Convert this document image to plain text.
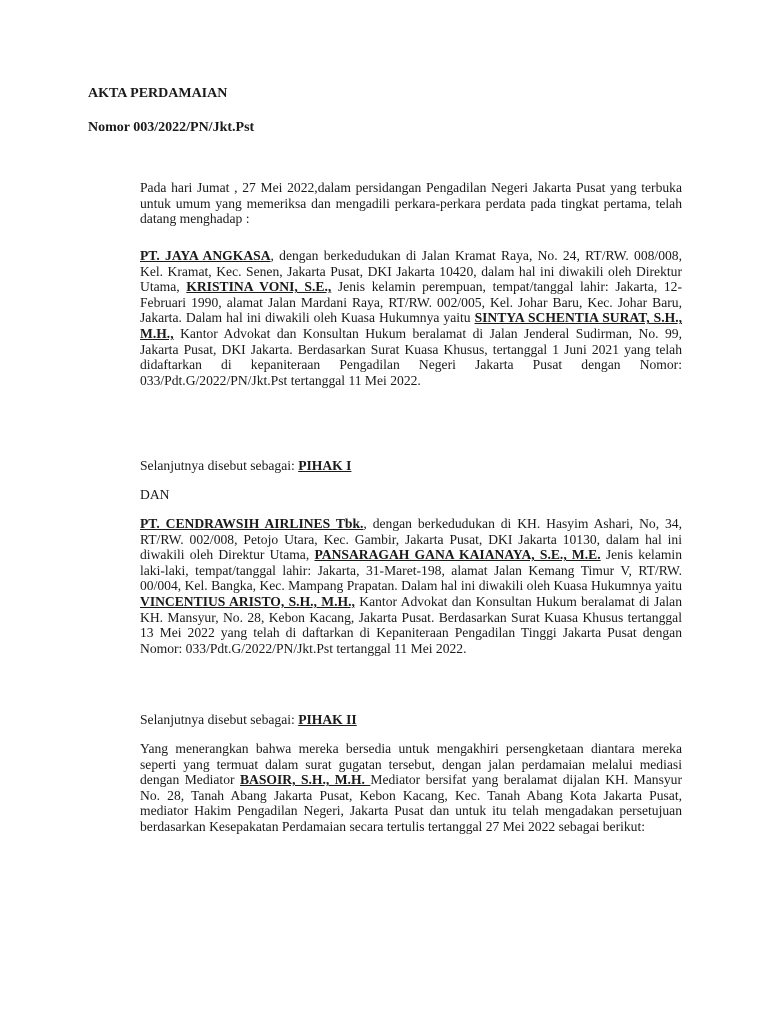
AKTA PERDAMAIAN
Nomor 003/2022/PN/Jkt.Pst

Pada hari Jumat , 27 Mei 2022,dalam persidangan Pengadilan Negeri Jakarta Pusat yang terbuka untuk umum yang memeriksa dan mengadili perkara-perkara perdata pada tingkat pertama, telah datang menghadap :

PT. JAYA ANGKASA, dengan berkedudukan di Jalan Kramat Raya, No. 24, RT/RW. 008/008, Kel. Kramat, Kec. Senen, Jakarta Pusat, DKI Jakarta 10420, dalam hal ini diwakili oleh Direktur Utama, KRISTINA VONI, S.E., Jenis kelamin perempuan, tempat/tanggal lahir: Jakarta, 12-Februari 1990, alamat Jalan Mardani Raya, RT/RW. 002/005, Kel. Johar Baru, Kec. Johar Baru, Jakarta. Dalam hal ini diwakili oleh Kuasa Hukumnya yaitu SINTYA SCHENTIA SURAT, S.H., M.H., Kantor Advokat dan Konsultan Hukum beralamat di Jalan Jenderal Sudirman, No. 99, Jakarta Pusat, DKI Jakarta. Berdasarkan Surat Kuasa Khusus, tertanggal 1 Juni 2021 yang telah didaftarkan di kepaniteraan Pengadilan Negeri Jakarta Pusat dengan Nomor: 033/Pdt.G/2022/PN/Jkt.Pst tertanggal 11 Mei 2022.

Selanjutnya disebut sebagai: PIHAK I

DAN

PT. CENDRAWSIH AIRLINES Tbk., dengan berkedudukan di KH. Hasyim Ashari, No, 34, RT/RW. 002/008, Petojo Utara, Kec. Gambir, Jakarta Pusat, DKI Jakarta 10130, dalam hal ini diwakili oleh Direktur Utama, PANSARAGAH GANA KAIANAYA, S.E., M.E. Jenis kelamin laki-laki, tempat/tanggal lahir: Jakarta, 31-Maret-198, alamat Jalan Kemang Timur V, RT/RW. 00/004, Kel. Bangka, Kec. Mampang Prapatan. Dalam hal ini diwakili oleh Kuasa Hukumnya yaitu VINCENTIUS ARISTO, S.H., M.H., Kantor Advokat dan Konsultan Hukum beralamat di Jalan KH. Mansyur, No. 28, Kebon Kacang, Jakarta Pusat. Berdasarkan Surat Kuasa Khusus tertanggal 13 Mei 2022 yang telah di daftarkan di Kepaniteraan Pengadilan Tinggi Jakarta Pusat dengan Nomor: 033/Pdt.G/2022/PN/Jkt.Pst tertanggal 11 Mei 2022.

Selanjutnya disebut sebagai: PIHAK II

Yang menerangkan bahwa mereka bersedia untuk mengakhiri persengketaan diantara mereka seperti yang termuat dalam surat gugatan tersebut, dengan jalan perdamaian melalui mediasi dengan Mediator BASOIR, S.H., M.H. Mediator bersifat yang beralamat dijalan KH. Mansyur No. 28, Tanah Abang Jakarta Pusat, Kebon Kacang, Kec. Tanah Abang Kota Jakarta Pusat, mediator Hakim Pengadilan Negeri, Jakarta Pusat dan untuk itu telah mengadakan persetujuan berdasarkan Kesepakatan Perdamaian secara tertulis tertanggal 27 Mei 2022 sebagai berikut:
